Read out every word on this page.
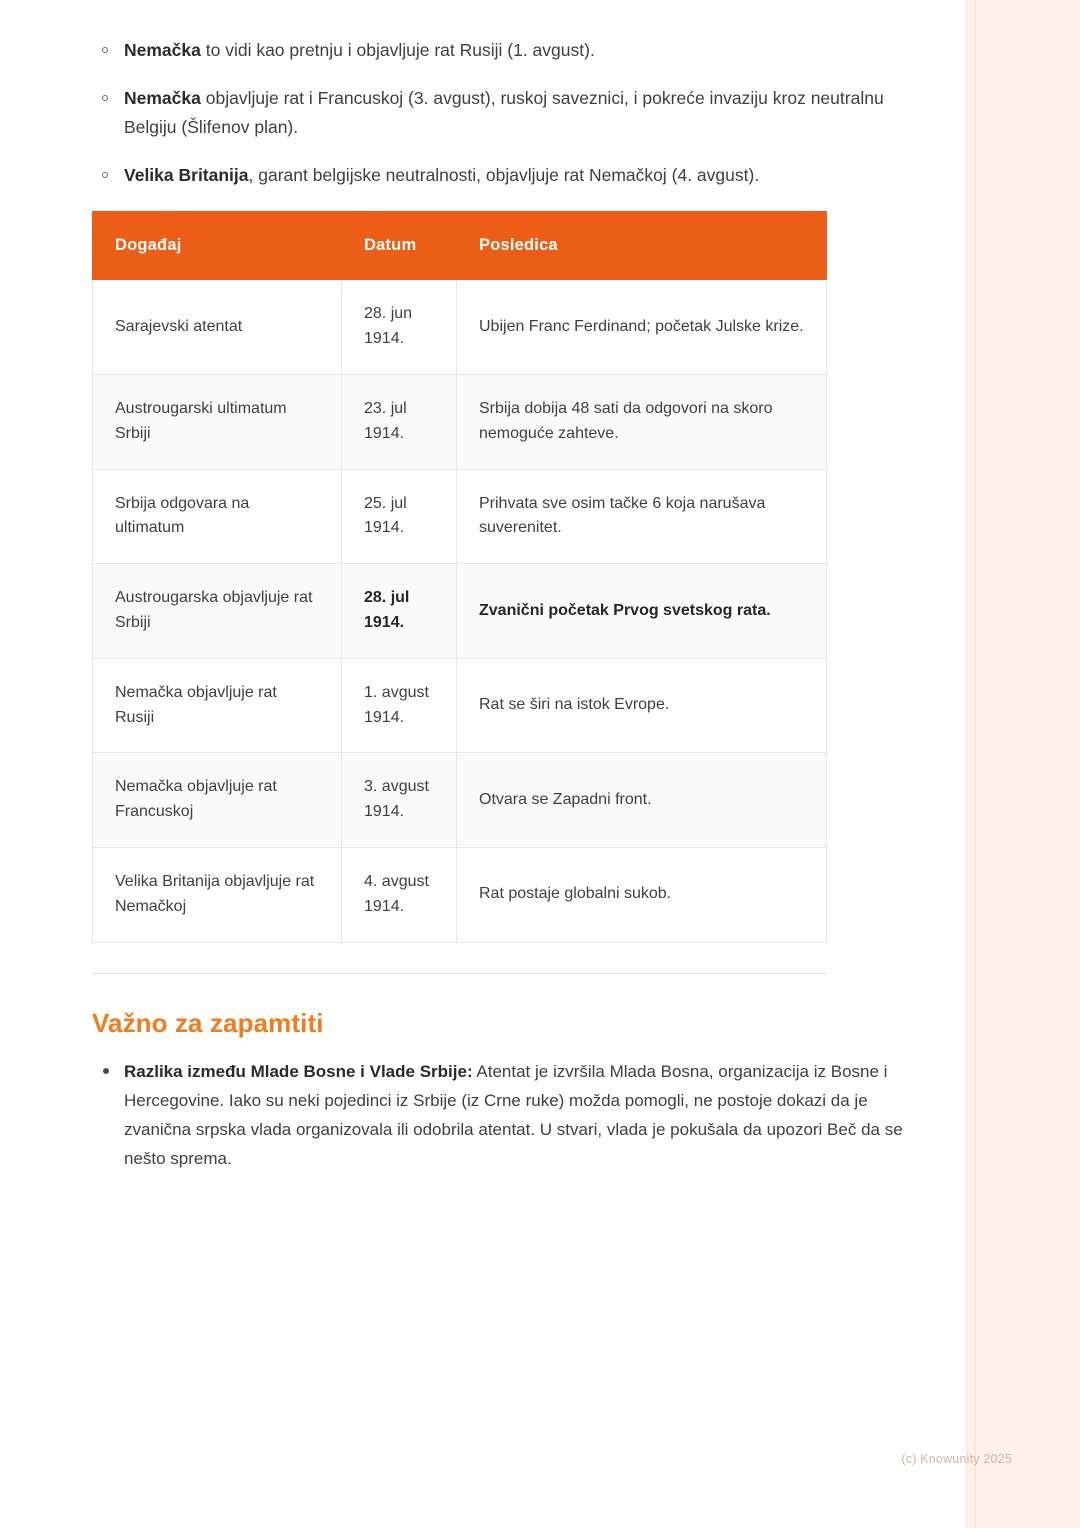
Nemačka to vidi kao pretnju i objavljuje rat Rusiji (1. avgust).
Nemačka objavljuje rat i Francuskoj (3. avgust), ruskoj saveznici, i pokreće invaziju kroz neutralnu Belgiju (Šlifenov plan).
Velika Britanija, garant belgijske neutralnosti, objavljuje rat Nemačkoj (4. avgust).
Događaj	Datum	Posledica
Sarajevski atentat	28. jun 1914.	Ubijen Franc Ferdinand; početak Julske krize.
Austrougarski ultimatum Srbiji	23. jul 1914.	Srbija dobija 48 sati da odgovori na skoro nemoguće zahteve.
Srbija odgovara na ultimatum	25. jul 1914.	Prihvata sve osim tačke 6 koja narušava suverenitet.
Austrougarska objavljuje rat Srbiji	28. jul 1914.	Zvanični početak Prvog svetskog rata.
Nemačka objavljuje rat Rusiji	1. avgust 1914.	Rat se širi na istok Evrope.
Nemačka objavljuje rat Francuskoj	3. avgust 1914.	Otvara se Zapadni front.
Velika Britanija objavljuje rat Nemačkoj	4. avgust 1914.	Rat postaje globalni sukob.
Važno za zapamtiti
Razlika između Mlade Bosne i Vlade Srbije: Atentat je izvršila Mlada Bosna, organizacija iz Bosne i Hercegovine. Iako su neki pojedinci iz Srbije (iz Crne ruke) možda pomogli, ne postoje dokazi da je zvanična srpska vlada organizovala ili odobrila atentat. U stvari, vlada je pokušala da upozori Beč da se nešto sprema.
(c) Knowunity 2025
